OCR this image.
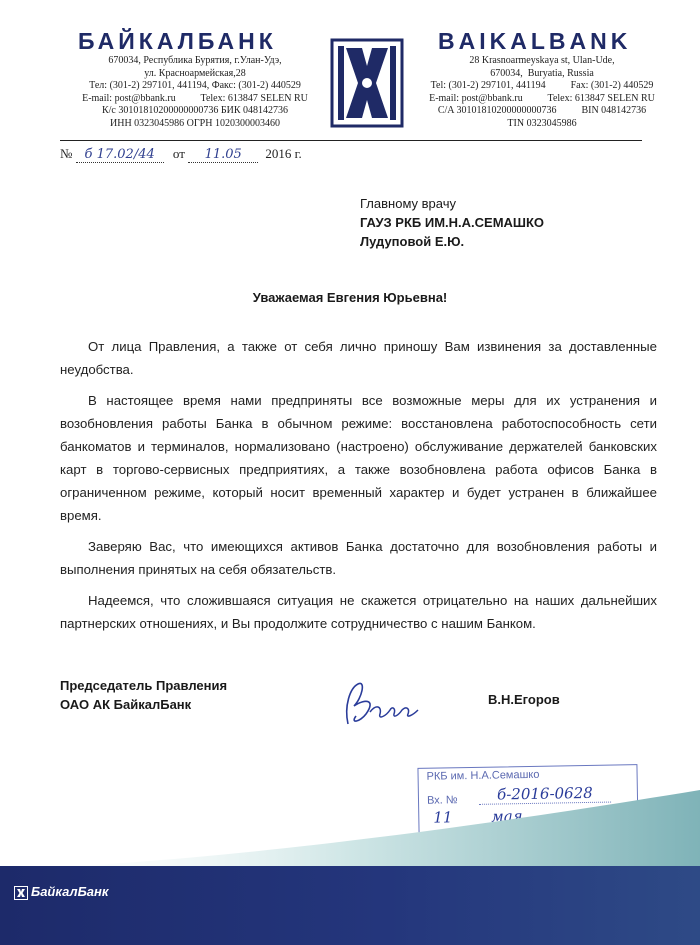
БАЙКАЛБАНК
670034, Республика Бурятия, г.Улан-Удэ,
ул. Красноармейская,28
Тел: (301-2) 297101, 441194, Факс: (301-2) 440529
E-mail: post@bbank.ru          Telex: 613847 SELEN RU
К/с 30101810200000000736 БИК 048142736
ИНН 0323045986 ОГРН 1020300003460
BAIKALBANK
28 Krasnoarmeyskaya st, Ulan-Ude,
670034,  Buryatia, Russia
Tel: (301-2) 297101, 441194          Fax: (301-2) 440529
E-mail: post@bbank.ru          Telex: 613847 SELEN RU
C/A 30101810200000000736          BIN 048142736
TIN 0323045986
№ б 17.02/44 от 11.05 2016 г.
Главному врачу
ГАУЗ РКБ ИМ.Н.А.СЕМАШКО
Лудуповой Е.Ю.
Уважаемая Евгения Юрьевна!

От лица Правления, а также от себя лично приношу Вам извинения за доставленные неудобства.

В настоящее время нами предприняты все возможные меры для их устранения и возобновления работы Банка в обычном режиме: восстановлена работоспособность сети банкоматов и терминалов, нормализовано (настроено) обслуживание держателей банковских карт в торгово-сервисных предприятиях, а также возобновлена работа офисов Банка в ограниченном режиме, который носит временный характер и будет устранен в ближайшее время.

Заверяю Вас, что имеющихся активов Банка достаточно для возобновления работы и выполнения принятых на себя обязательств.

Надеемся, что сложившаяся ситуация не скажется отрицательно на наших дальнейших партнерских отношениях, и Вы продолжите сотрудничество с нашим Банком.

Председатель Правления
ОАО АК БайкалБанк	В.Н.Егоров
РКБ им. Н.А.Семашко
Вх. №	б-2016-0628
11	мая
БайкалБанк
